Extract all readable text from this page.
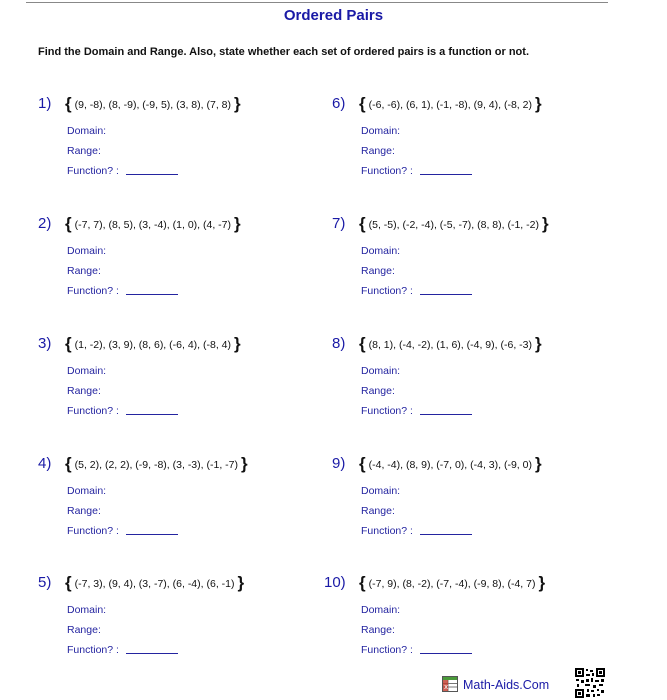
Ordered Pairs
Find the Domain and Range. Also, state whether each set of ordered pairs is a function or not.
1) { (9, -8), (8, -9), (-9, 5), (3, 8), (7, 8) }
Domain:
Range:
Function? :
2) { (-7, 7), (8, 5), (3, -4), (1, 0), (4, -7) }
Domain:
Range:
Function? :
3) { (1, -2), (3, 9), (8, 6), (-6, 4), (-8, 4) }
Domain:
Range:
Function? :
4) { (5, 2), (2, 2), (-9, -8), (3, -3), (-1, -7) }
Domain:
Range:
Function? :
5) { (-7, 3), (9, 4), (3, -7), (6, -4), (6, -1) }
Domain:
Range:
Function? :
6) { (-6, -6), (6, 1), (-1, -8), (9, 4), (-8, 2) }
Domain:
Range:
Function? :
7) { (5, -5), (-2, -4), (-5, -7), (8, 8), (-1, -2) }
Domain:
Range:
Function? :
8) { (8, 1), (-4, -2), (1, 6), (-4, 9), (-6, -3) }
Domain:
Range:
Function? :
9) { (-4, -4), (8, 9), (-7, 0), (-4, 3), (-9, 0) }
Domain:
Range:
Function? :
10) { (-7, 9), (8, -2), (-7, -4), (-9, 8), (-4, 7) }
Domain:
Range:
Function? :
x Math-Aids.Com
